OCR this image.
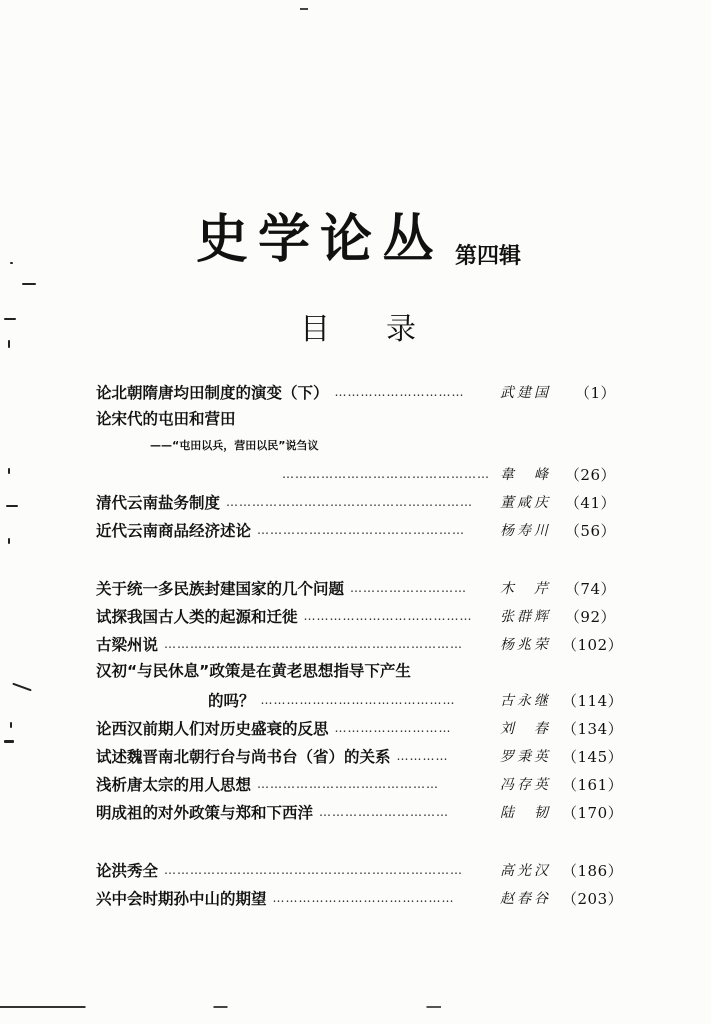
史学论丛 第四辑
目录
论北朝隋唐均田制度的演变（下） …………………………	武建国	（1）
论宋代的屯田和营田
——“屯田以兵，营田以民”说刍议
………………………………………… 韋　峰 （26）
清代云南盐务制度 …………………………………………………	董咸庆 （41）
近代云南商品经济述论 …………………………………………	杨寿川 （56）
关于统一多民族封建国家的几个问题 ………………………	木　芹 （74）
试探我国古人类的起源和迁徙 …………………………………	张群辉 （92）
古梁州说 ……………………………………………………………	杨兆荣 （102）
汉初“与民休息”政策是在黄老思想指导下产生
的吗？ ………………………………………	古永继 （114）
论西汉前期人们对历史盛衰的反思 ………………………	刘　春 （134）
试述魏晋南北朝行台与尚书台（省）的关系 …………	罗秉英 （145）
浅析唐太宗的用人思想 ……………………………………	冯存英 （161）
明成祖的对外政策与郑和下西洋 …………………………	陆　韧 （170）
论洪秀全 ……………………………………………………………	高光汉 （186）
兴中会时期孙中山的期望 ……………………………………	赵春谷 （203）
